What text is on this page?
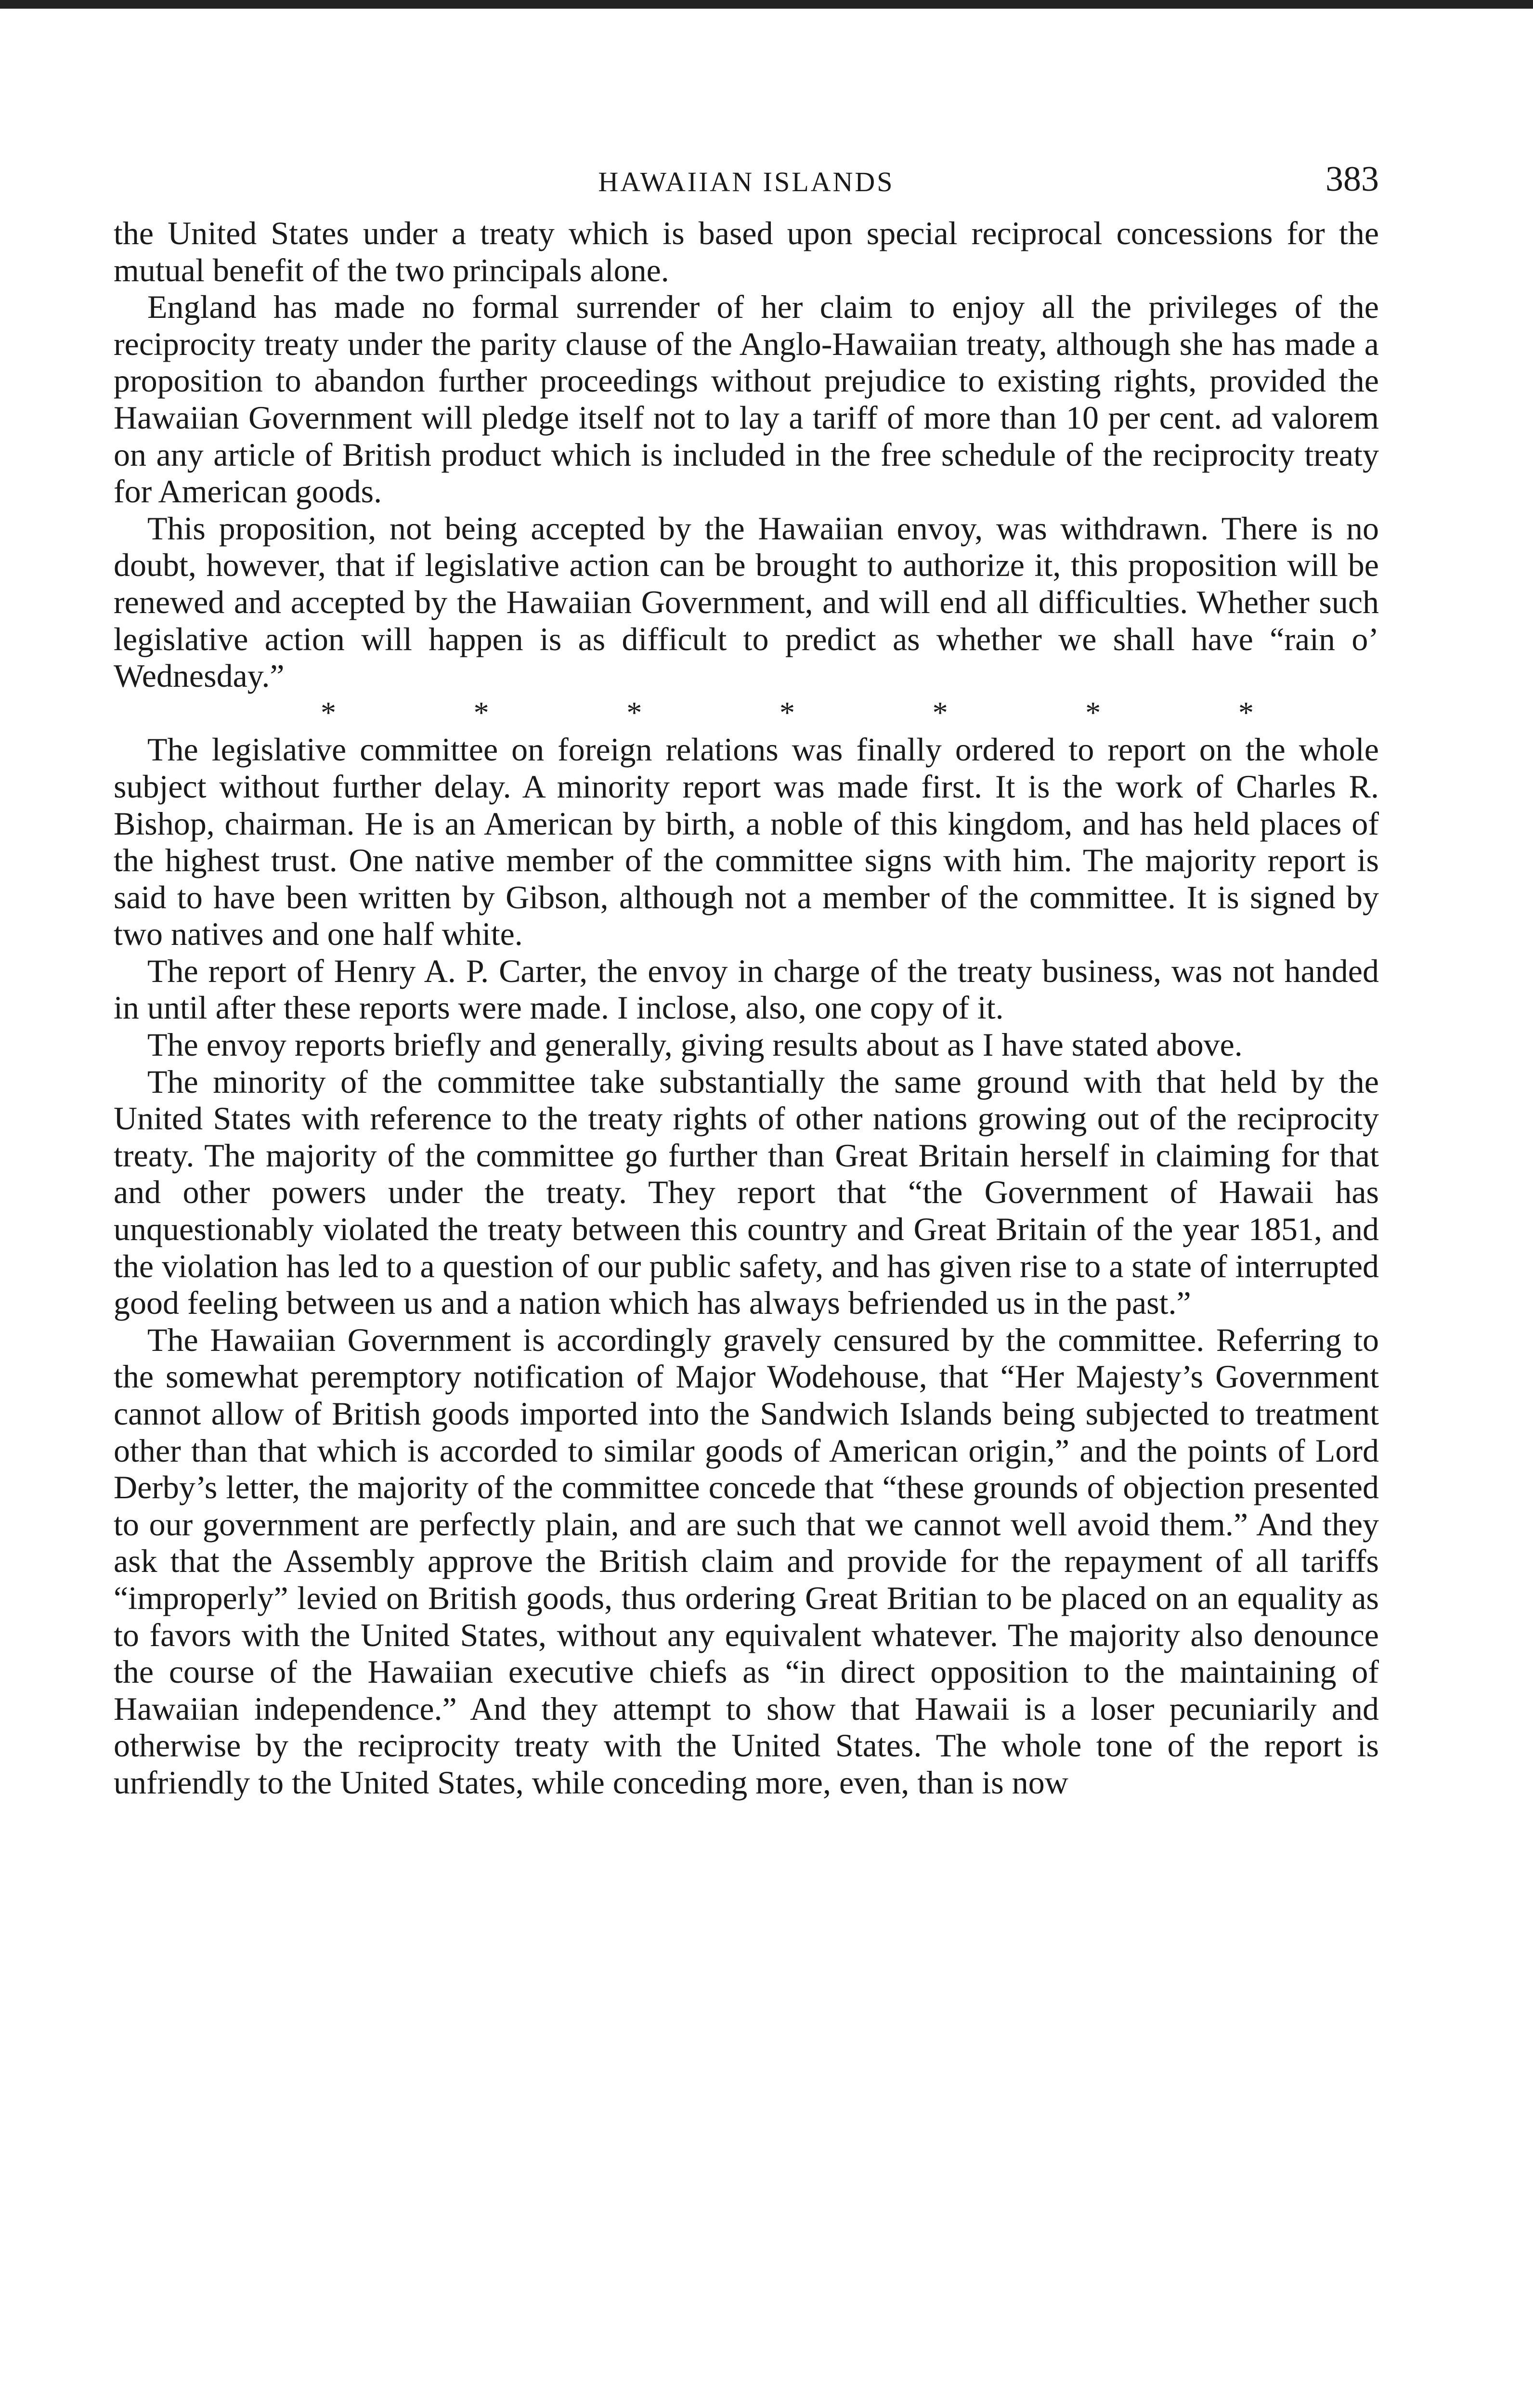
HAWAIIAN ISLANDS	383

the United States under a treaty which is based upon special reciprocal concessions for the mutual benefit of the two principals alone.

England has made no formal surrender of her claim to enjoy all the privileges of the reciprocity treaty under the parity clause of the Anglo-Hawaiian treaty, although she has made a proposition to abandon further proceedings without prejudice to existing rights, provided the Hawaiian Government will pledge itself not to lay a tariff of more than 10 per cent. ad valorem on any article of British product which is included in the free schedule of the reciprocity treaty for American goods.

This proposition, not being accepted by the Hawaiian envoy, was withdrawn. There is no doubt, however, that if legislative action can be brought to authorize it, this proposition will be renewed and accepted by the Hawaiian Government, and will end all difficulties. Whether such legislative action will happen is as difficult to predict as whether we shall have “rain o’ Wednesday.”

*	*	*	*	*	*	*

The legislative committee on foreign relations was finally ordered to report on the whole subject without further delay. A minority report was made first. It is the work of Charles R. Bishop, chairman. He is an American by birth, a noble of this kingdom, and has held places of the highest trust. One native member of the committee signs with him. The majority report is said to have been written by Gibson, although not a member of the committee. It is signed by two natives and one half white.

The report of Henry A. P. Carter, the envoy in charge of the treaty business, was not handed in until after these reports were made. I inclose, also, one copy of it.

The envoy reports briefly and generally, giving results about as I have stated above.

The minority of the committee take substantially the same ground with that held by the United States with reference to the treaty rights of other nations growing out of the reciprocity treaty. The majority of the committee go further than Great Britain herself in claiming for that and other powers under the treaty. They report that “the Government of Hawaii has unquestionably violated the treaty between this country and Great Britain of the year 1851, and the violation has led to a question of our public safety, and has given rise to a state of interrupted good feeling between us and a nation which has always befriended us in the past.”

The Hawaiian Government is accordingly gravely censured by the committee. Referring to the somewhat peremptory notification of Major Wodehouse, that “Her Majesty’s Government cannot allow of British goods imported into the Sandwich Islands being subjected to treatment other than that which is accorded to similar goods of American origin,” and the points of Lord Derby’s letter, the majority of the committee concede that “these grounds of objection presented to our government are perfectly plain, and are such that we cannot well avoid them.” And they ask that the Assembly approve the British claim and provide for the repayment of all tariffs “improperly” levied on British goods, thus ordering Great Britian to be placed on an equality as to favors with the United States, without any equivalent whatever. The majority also denounce the course of the Hawaiian executive chiefs as “in direct opposition to the maintaining of Hawaiian independence.” And they attempt to show that Hawaii is a loser pecuniarily and otherwise by the reciprocity treaty with the United States. The whole tone of the report is unfriendly to the United States, while conceding more, even, than is now
